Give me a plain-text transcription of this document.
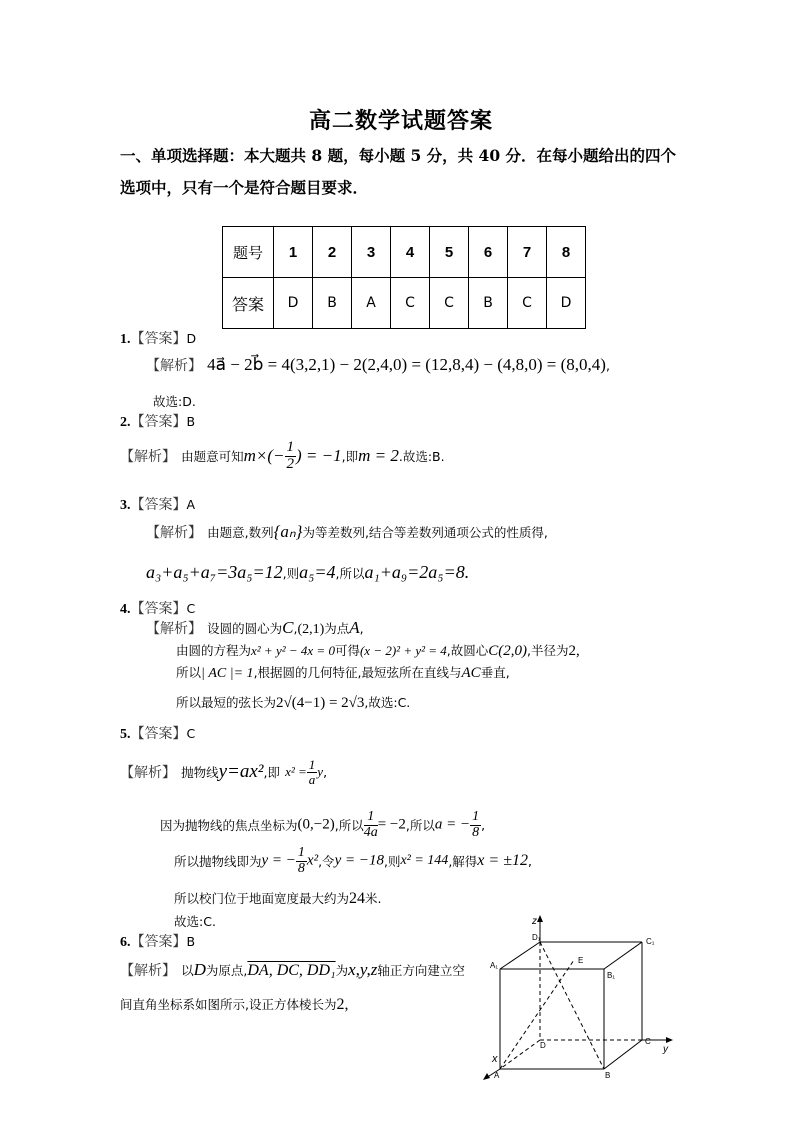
高二数学试题答案
一、单项选择题：本大题共 8 题，每小题 5 分，共 40 分．在每小题给出的四个
选项中，只有一个是符合题目要求．
题号	1	2	3	4	5	6	7	8
答案	D	B	A	C	C	B	C	D
1.【答案】D
【解析】 4a⃗ − 2b⃗ = 4(3,2,1) − 2(2,4,0) = (12,8,4) − (4,8,0) = (8,0,4),
故选:D.
2.【答案】B
【解析】 由题意可知$m\times(- \frac{1}{2}$ ) = −1,即m = 2.故选:B.
3.【答案】A
【解析】 由题意,数列{aₙ}为等差数列,结合等差数列通项公式的性质得,
a₃+a₅+a₇=3a₅=12,则a₅=4,所以a₁+a₉=2a₅=8.
4.【答案】C
【解析】 设圆的圆心为C,(2,1)为点A,
由圆的方程为x² + y² − 4x = 0可得(x − 2)² + y² = 4,故圆心C(2,0),半径为2,
所以| AC |= 1,根据圆的几何特征,最短弦所在直线与AC垂直,
所以最短的弦长为2√(4−1) = 2√3,故选:C.
5.【答案】C
【解析】 抛物线y=ax²,即 $x^2 = \frac{1}{a} y$,
因为抛物线的焦点坐标为(0,−2),所以 $\frac{1}{4a} = -2$,所以a = − $\frac{1}{8}$ ,
所以抛物线即为y = − $\frac{1}{8} x^2$,令y = −18,则x² = 144,解得x = ±12,
所以校门位于地面宽度最大约为24米.
故选:C.
6.【答案】B
【解析】 以D为原点,DA, DC, DD₁为x,y,z轴正方向建立空
间直角坐标系如图所示,设正方体棱长为2,
z
D₁	C₁
A₁
B₁
E
D	C
y
x
A	B
